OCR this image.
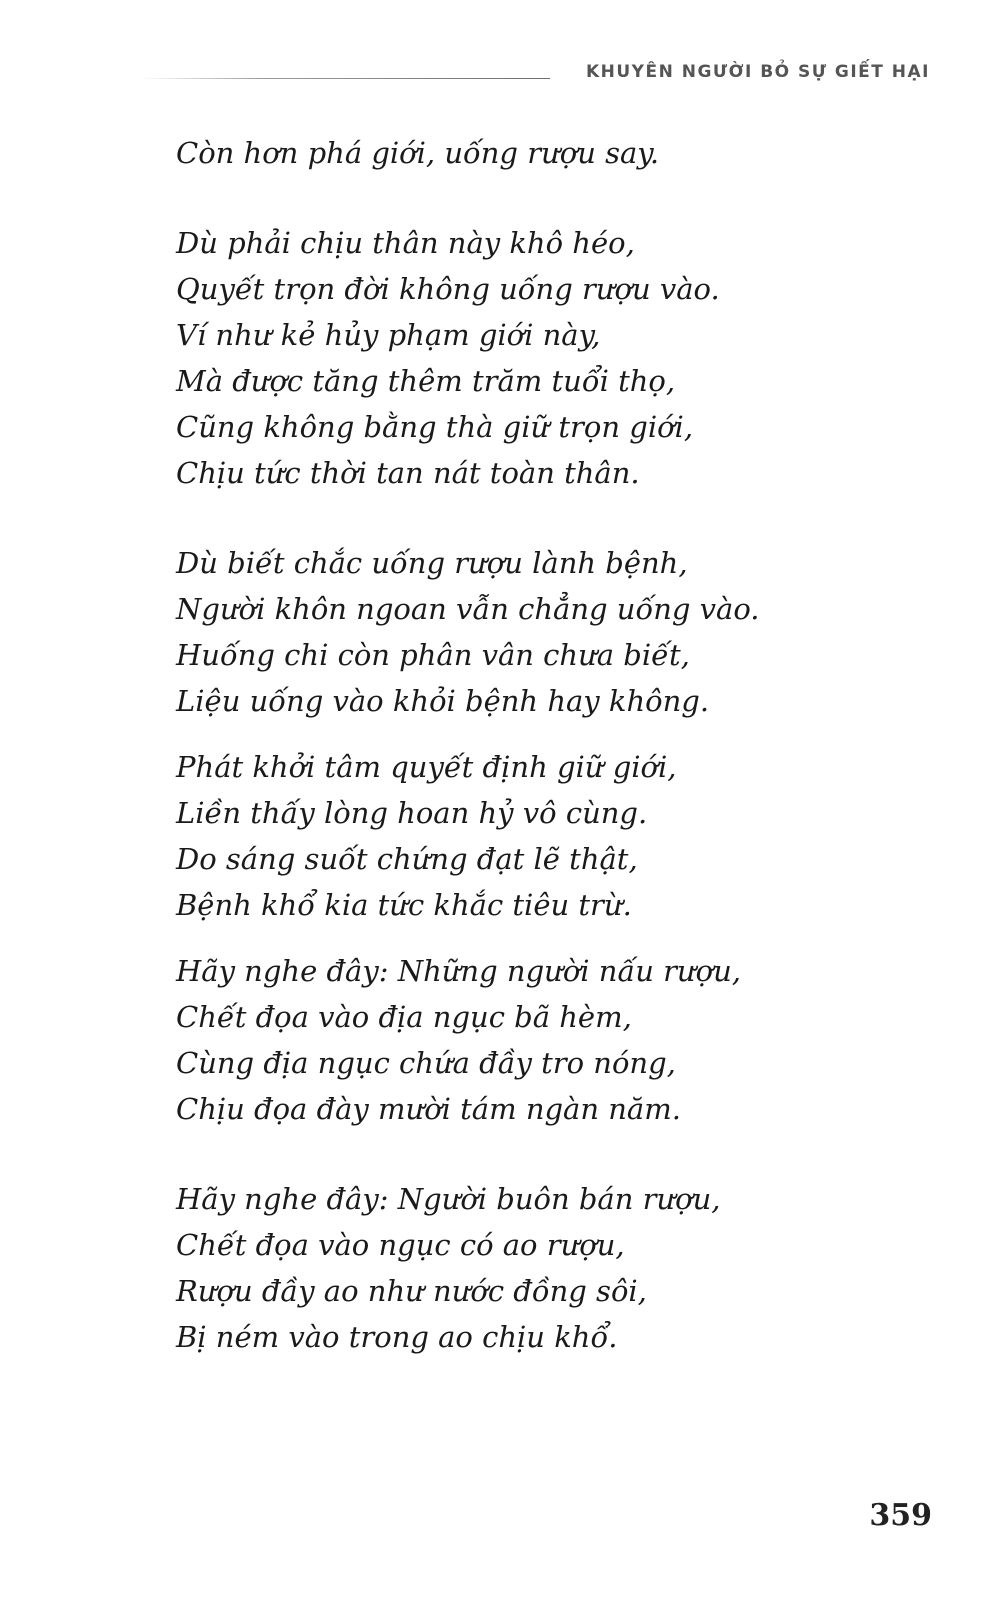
KHUYÊN NGƯỜI BỎ SỰ GIẾT HẠI
Còn hơn phá giới, uống rượu say.
Dù phải chịu thân này khô héo,
Quyết trọn đời không uống rượu vào.
Ví như kẻ hủy phạm giới này,
Mà được tăng thêm trăm tuổi thọ,
Cũng không bằng thà giữ trọn giới,
Chịu tức thời tan nát toàn thân.
Dù biết chắc uống rượu lành bệnh,
Người khôn ngoan vẫn chẳng uống vào.
Huống chi còn phân vân chưa biết,
Liệu uống vào khỏi bệnh hay không.
Phát khởi tâm quyết định giữ giới,
Liền thấy lòng hoan hỷ vô cùng.
Do sáng suốt chứng đạt lẽ thật,
Bệnh khổ kia tức khắc tiêu trừ.
Hãy nghe đây: Những người nấu rượu,
Chết đọa vào địa ngục bã hèm,
Cùng địa ngục chứa đầy tro nóng,
Chịu đọa đày mười tám ngàn năm.
Hãy nghe đây: Người buôn bán rượu,
Chết đọa vào ngục có ao rượu,
Rượu đầy ao như nước đồng sôi,
Bị ném vào trong ao chịu khổ.
359
